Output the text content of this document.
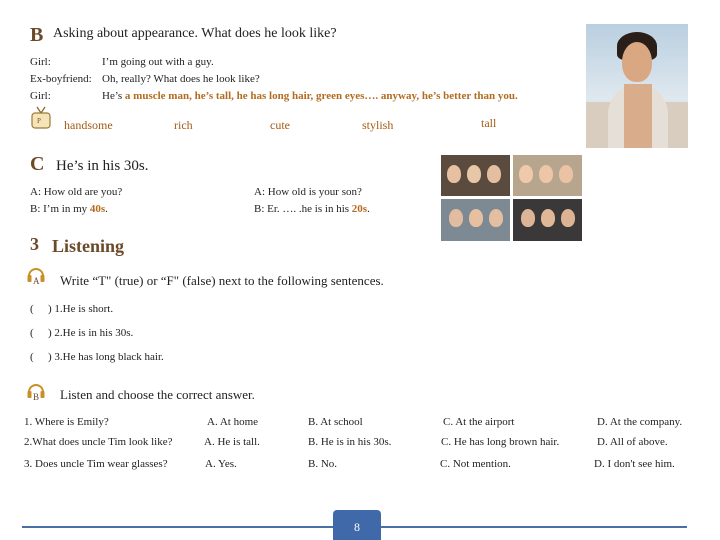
B Asking about appearance. What does he look like?
Girl:	I’m going out with a guy.
Ex-boyfriend: Oh, really? What does he look like?
Girl:	He’s a muscle man, he’s tall, he has long hair, green eyes…. anyway, he’s better than you.
P handsome	rich	cute	stylish	tall
C He’s in his 30s.
A: How old are you?
B: I’m in my 40s.
A: How old is your son?
B: Er. …. .he is in his 20s.
3 Listening
A Write “T" (true) or “F" (false) next to the following sentences.
( ) 1.He is short.
( ) 2.He is in his 30s.
( ) 3.He has long black hair.
B Listen and choose the correct answer.
1. Where is Emily?	A. At home	B. At school	C. At the airport	D. At the company.
2.What does uncle Tim look like?	A. He is tall.	B. He is in his 30s.	C. He has long brown hair.	D. All of above.
3. Does uncle Tim wear glasses?	A. Yes.	B. No.	C. Not mention.	D. I don't see him.
8
